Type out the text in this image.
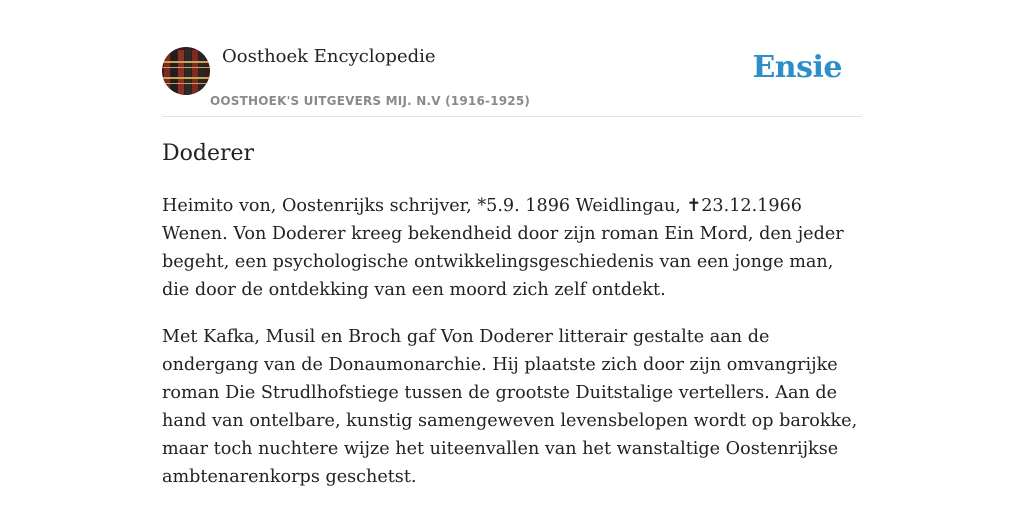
Oosthoek Encyclopedie
OOSTHOEK'S UITGEVERS MIJ. N.V (1916-1925)
Ensie
Doderer

Heimito von, Oostenrijks schrijver, *5.9. 1896 Weidlingau, ✝23.12.1966 Wenen. Von Doderer kreeg bekendheid door zijn roman Ein Mord, den jeder begeht, een psychologische ontwikkelingsgeschiedenis van een jonge man, die door de ontdekking van een moord zich zelf ontdekt.

Met Kafka, Musil en Broch gaf Von Doderer litterair gestalte aan de ondergang van de Donaumonarchie. Hij plaatste zich door zijn omvangrijke roman Die Strudlhofstiege tussen de grootste Duitstalige vertellers. Aan de hand van ontelbare, kunstig samengeweven levensbelopen wordt op barokke, maar toch nuchtere wijze het uiteenvallen van het wanstaltige Oostenrijkse ambtenarenkorps geschetst.
